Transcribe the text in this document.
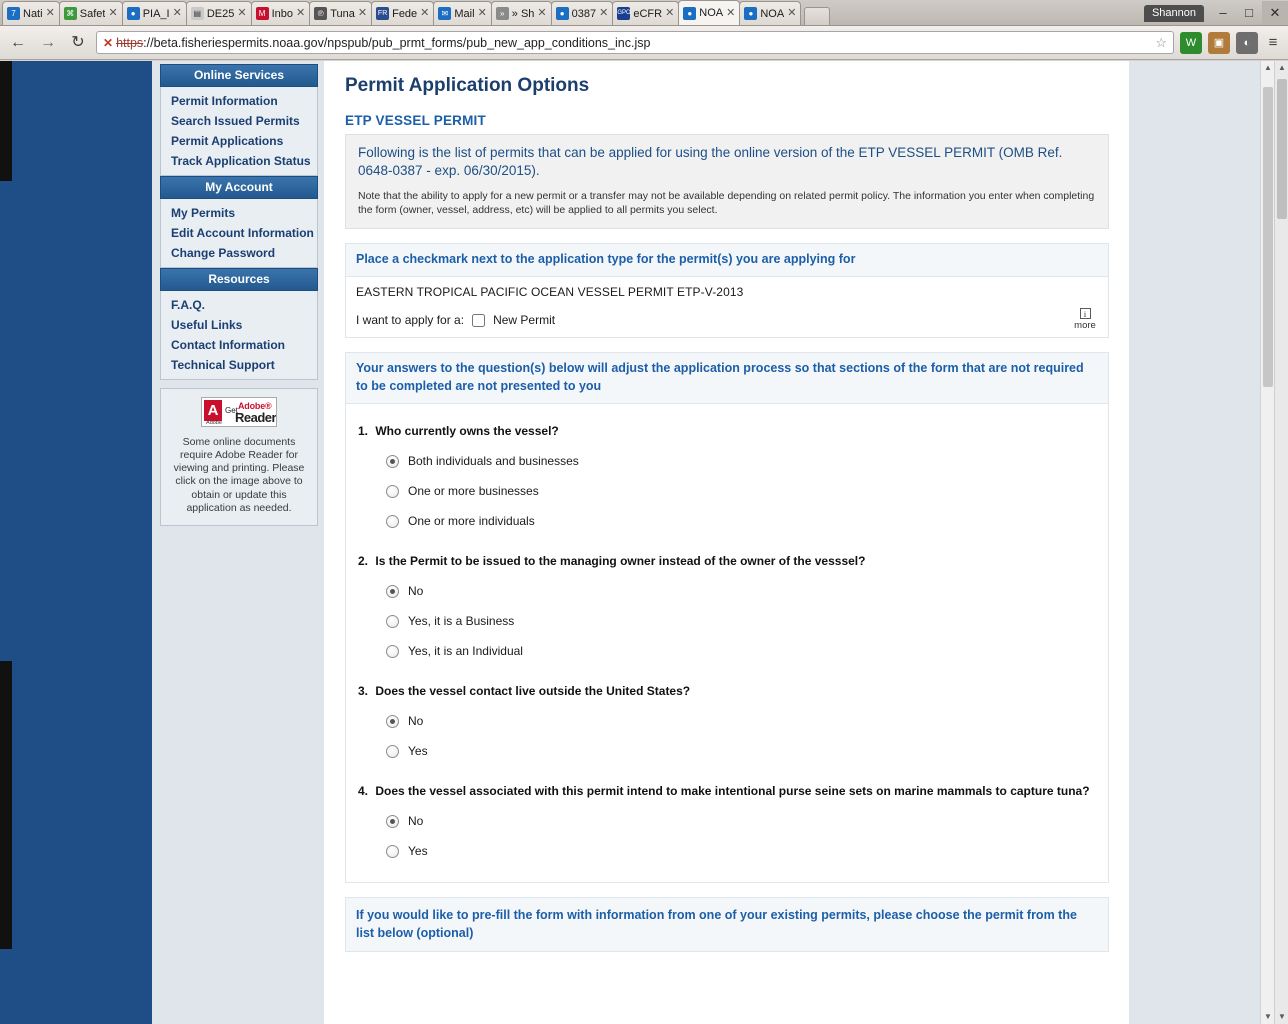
7 Nati ✕	⌘ Safet ✕	● PIA_I ✕	▤ DE25 ✕	M Inbo ✕	℗ Tuna ✕ FR Fede ✕	✉ Mail ✕	» » Sh ✕	● 0387 ✕ GPO eCFR ✕	● NOA ✕	● NOA ✕	Shannon	–	□	✕
← → ↻	✕ https :// beta.fisheriespermits.noaa.gov/npspub/pub_prmt_forms/pub_new_app_conditions_inc.jsp	☆	W	▣	◐	≡
Online Services
Permit Information
Search Issued Permits
Permit Applications
Track Application Status
My Account
My Permits
Edit Account Information
Change Password
Resources
F.A.Q.
Useful Links
Contact Information
Technical Support
A
Adobe
Get Adobe®
Reader
Some online documents require Adobe Reader for viewing and printing. Please click on the image above to obtain or update this application as needed.
Permit Application Options
ETP VESSEL PERMIT
Following is the list of permits that can be applied for using the online version of the ETP VESSEL PERMIT (OMB Ref. 0648-0387 - exp. 06/30/2015).
Note that the ability to apply for a new permit or a transfer may not be available depending on related permit policy. The information you enter when completing the form (owner, vessel, address, etc) will be applied to all permits you select.
Place a checkmark next to the application type for the permit(s) you are applying for
EASTERN TROPICAL PACIFIC OCEAN VESSEL PERMIT ETP-V-2013
I want to apply for a: New Permit	i
more
Your answers to the question(s) below will adjust the application process so that sections of the form that are not required to be completed are not presented to you
1. Who currently owns the vessel?
Both individuals and businesses
One or more businesses
One or more individuals
2. Is the Permit to be issued to the managing owner instead of the owner of the vesssel?
No
Yes, it is a Business
Yes, it is an Individual
3. Does the vessel contact live outside the United States?
No
Yes
4. Does the vessel associated with this permit intend to make intentional purse seine sets on marine mammals to capture tuna?
No
Yes
If you would like to pre-fill the form with information from one of your existing permits, please choose the permit from the list below (optional)
▲
▼
▲
▼
